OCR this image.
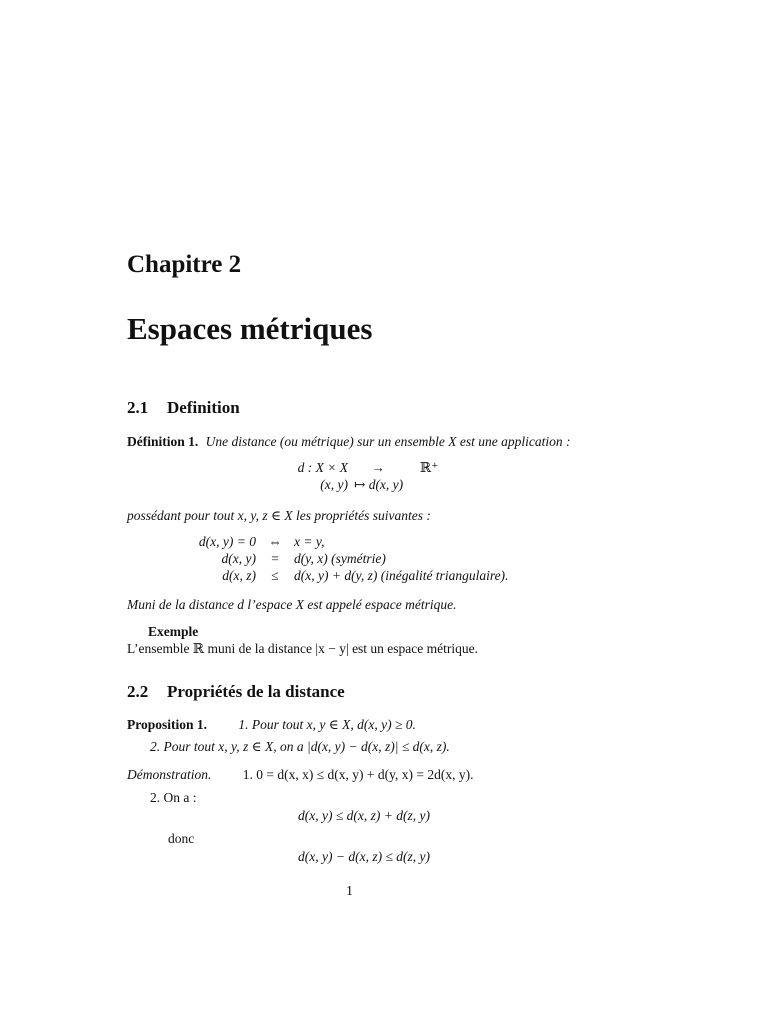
Chapitre 2
Espaces métriques
2.1 Definition
Définition 1. Une distance (ou métrique) sur un ensemble X est une application :
d : X × X	→	ℝ⁺
(x, y) ↦ d(x, y)
possédant pour tout x, y, z ∈ X les propriétés suivantes :
d(x, y) = 0 ⇔ x = y,
d(x, y)	=	d(y, x) (symétrie)
d(x, z)	≤	d(x, y) + d(y, z) (inégalité triangulaire).
Muni de la distance d l’espace X est appelé espace métrique.
Exemple
L’ensemble ℝ muni de la distance |x − y| est un espace métrique.
2.2 Propriétés de la distance
Proposition 1. 1. Pour tout x, y ∈ X, d(x, y) ≥ 0.
2. Pour tout x, y, z ∈ X, on a |d(x, y) − d(x, z)| ≤ d(x, z).
Démonstration. 1. 0 = d(x, x) ≤ d(x, y) + d(y, x) = 2d(x, y).
2. On a :
d(x, y) ≤ d(x, z) + d(z, y)
donc
d(x, y) − d(x, z) ≤ d(z, y)
1
